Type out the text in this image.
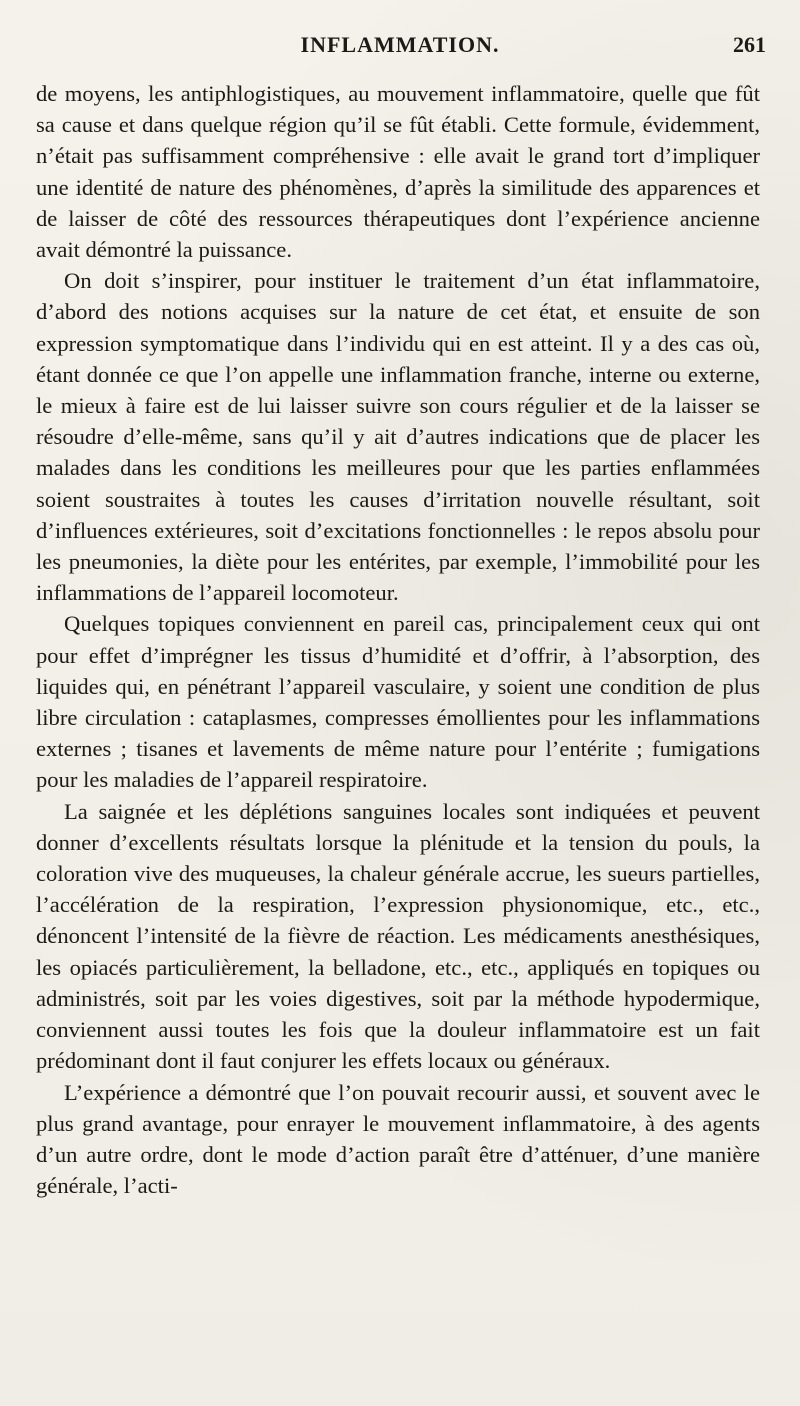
INFLAMMATION.	261

de moyens, les antiphlogistiques, au mouvement inflammatoire, quelle que fût sa cause et dans quelque région qu’il se fût établi. Cette formule, évidemment, n’était pas suffisamment compréhensive : elle avait le grand tort d’impliquer une identité de nature des phénomènes, d’après la similitude des apparences et de laisser de côté des ressources thérapeutiques dont l’expérience ancienne avait démontré la puissance.

On doit s’inspirer, pour instituer le traitement d’un état inflammatoire, d’abord des notions acquises sur la nature de cet état, et ensuite de son expression symptomatique dans l’individu qui en est atteint. Il y a des cas où, étant donnée ce que l’on appelle une inflammation franche, interne ou externe, le mieux à faire est de lui laisser suivre son cours régulier et de la laisser se résoudre d’elle-même, sans qu’il y ait d’autres indications que de placer les malades dans les conditions les meilleures pour que les parties enflammées soient soustraites à toutes les causes d’irritation nouvelle résultant, soit d’influences extérieures, soit d’excitations fonctionnelles : le repos absolu pour les pneumonies, la diète pour les entérites, par exemple, l’immobilité pour les inflammations de l’appareil locomoteur.

Quelques topiques conviennent en pareil cas, principalement ceux qui ont pour effet d’imprégner les tissus d’humidité et d’offrir, à l’absorption, des liquides qui, en pénétrant l’appareil vasculaire, y soient une condition de plus libre circulation : cataplasmes, compresses émollientes pour les inflammations externes ; tisanes et lavements de même nature pour l’entérite ; fumigations pour les maladies de l’appareil respiratoire.

La saignée et les déplétions sanguines locales sont indiquées et peuvent donner d’excellents résultats lorsque la plénitude et la tension du pouls, la coloration vive des muqueuses, la chaleur générale accrue, les sueurs partielles, l’accélération de la respiration, l’expression physionomique, etc., etc., dénoncent l’intensité de la fièvre de réaction. Les médicaments anesthésiques, les opiacés particulièrement, la belladone, etc., etc., appliqués en topiques ou administrés, soit par les voies digestives, soit par la méthode hypodermique, conviennent aussi toutes les fois que la douleur inflammatoire est un fait prédominant dont il faut conjurer les effets locaux ou généraux.

L’expérience a démontré que l’on pouvait recourir aussi, et souvent avec le plus grand avantage, pour enrayer le mouvement inflammatoire, à des agents d’un autre ordre, dont le mode d’action paraît être d’atténuer, d’une manière générale, l’acti-
